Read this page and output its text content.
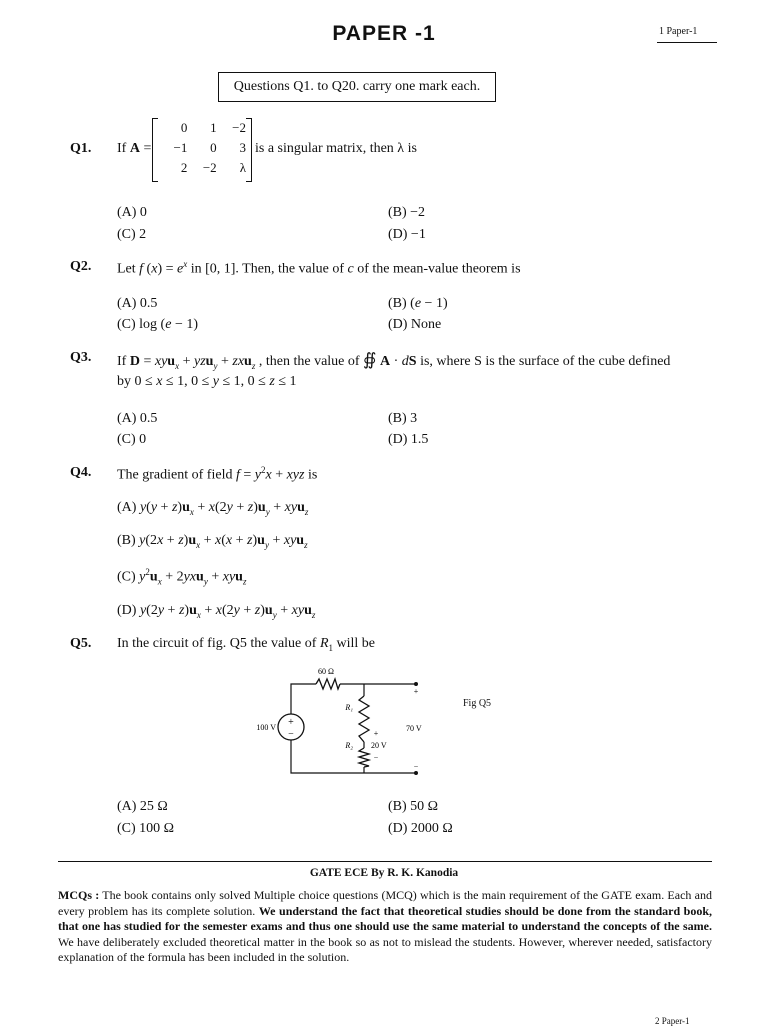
PAPER -1	1 Paper-1
Questions Q1. to Q20. carry one mark each.
Q1. If A =
0	1	−2
−1	0	3
2	−2	λ
is a singular matrix, then λ is
(A) 0	(B) −2
(C) 2	(D) −1
Q2. Let f $(x) = e^x$ in [0, 1]. Then, the value of c of the mean-value theorem is
(A) 0.5	(B) (e − 1)
(C) log (e − 1)	(D) None
Q3. If D = xyu$_x$ + yzu$_y$ + zxu$_z$ , then the value of ∯ A · dS is, where S is the surface of the cube defined
by 0 ≤ x ≤ 1, 0 ≤ y ≤ 1, 0 ≤ z ≤ 1
(A) 0.5	(B) 3
(C) 0	(D) 1.5
Q4. The gradient of field $f = y^2x$ + xyz is
(A) $y(y + z)u_x + x(2y + z)u_y + xyu_z$
(B) $y(2x + z)u_x + x(x + z)u_y + xyu_z$
(C) $y^2u_x + 2yxu_y + xyu_z$
(D) $y(2y + z)u_x + x(2y + z)u_y + xyu_z$
Q5. In the circuit of fig. Q5 the value of $R_1$ will be
+
−
60 Ω
100 V
R₁
R₂
+
20 V
−
+
70 V
−
Fig Q5
(A) 25 Ω	(B) 50 Ω
(C) 100 Ω	(D) 2000 Ω
GATE ECE By R. K. Kanodia
MCQs : The book contains only solved Multiple choice questions (MCQ) which is the main requirement of the GATE exam. Each and every problem has its complete solution. We understand the fact that theoretical studies should be done from the standard book, that one has studied for the semester exams and thus one should use the same material to understand the concepts of the same. We have deliberately excluded theoretical matter in the book so as not to mislead the students. However, wherever needed, satisfactory explanation of the formula has been included in the solution.
2 Paper-1
